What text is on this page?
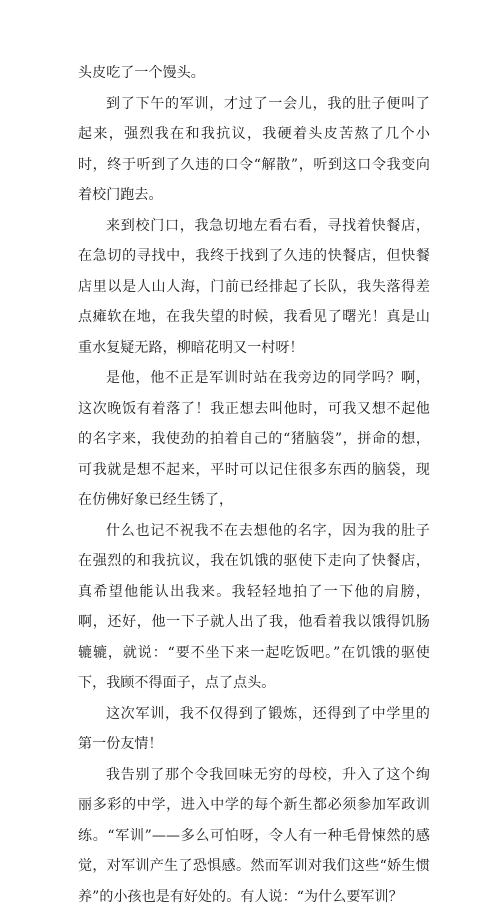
头皮吃了一个馒头。

到了下午的军训，才过了一会儿，我的肚子便叫了起来，强烈我在和我抗议，我硬着头皮苦熬了几个小时，终于听到了久违的口令“解散”，听到这口令我变向着校门跑去。

来到校门口，我急切地左看右看，寻找着快餐店，在急切的寻找中，我终于找到了久违的快餐店，但快餐店里以是人山人海，门前已经排起了长队，我失落得差点瘫软在地，在我失望的时候，我看见了曙光！真是山重水复疑无路，柳暗花明又一村呀！

是他，他不正是军训时站在我旁边的同学吗？啊，这次晚饭有着落了！我正想去叫他时，可我又想不起他的名字来，我使劲的拍着自己的“猪脑袋”，拼命的想，可我就是想不起来，平时可以记住很多东西的脑袋，现在仿佛好象已经生锈了，

什么也记不祝我不在去想他的名字，因为我的肚子在强烈的和我抗议，我在饥饿的驱使下走向了快餐店，真希望他能认出我来。我轻轻地拍了一下他的肩膀，啊，还好，他一下子就人出了我，他看着我以饿得饥肠辘辘，就说：“要不坐下来一起吃饭吧。”在饥饿的驱使下，我顾不得面子，点了点头。

这次军训，我不仅得到了锻炼，还得到了中学里的第一份友情！

我告别了那个令我回味无穷的母校，升入了这个绚丽多彩的中学，进入中学的每个新生都必须参加军政训练。“军训”——多么可怕呀，令人有一种毛骨悚然的感觉，对军训产生了恐惧感。然而军训对我们这些“娇生惯养”的小孩也是有好处的。有人说：“为什么要军训？
